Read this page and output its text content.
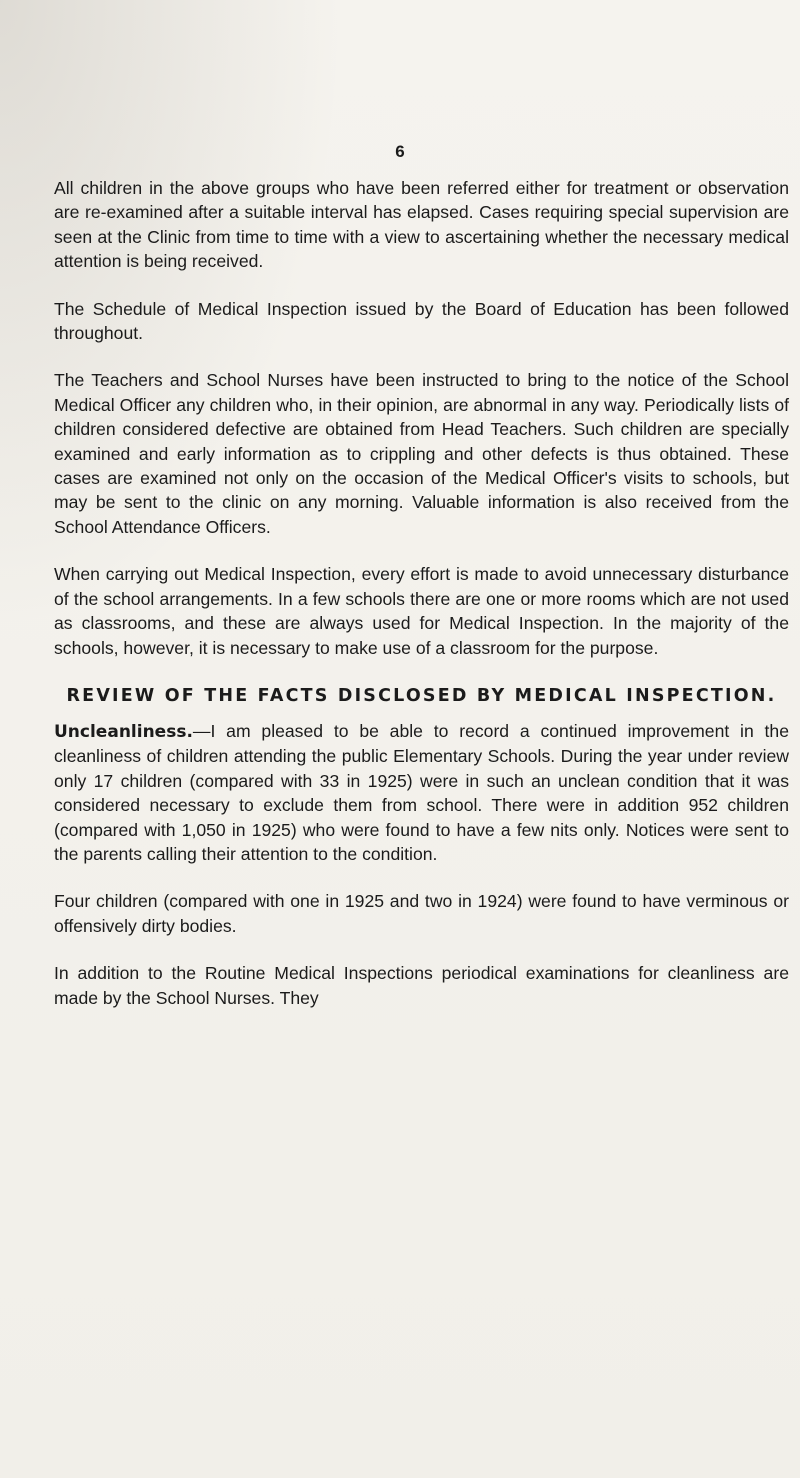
6

All children in the above groups who have been referred either for treatment or observation are re-examined after a suitable interval has elapsed. Cases requiring special supervision are seen at the Clinic from time to time with a view to ascertaining whether the necessary medical attention is being received.

The Schedule of Medical Inspection issued by the Board of Education has been followed throughout.

The Teachers and School Nurses have been instructed to bring to the notice of the School Medical Officer any children who, in their opinion, are abnormal in any way. Periodically lists of children considered defective are obtained from Head Teachers. Such children are specially examined and early information as to crippling and other defects is thus obtained. These cases are examined not only on the occasion of the Medical Officer's visits to schools, but may be sent to the clinic on any morning. Valuable information is also received from the School Attendance Officers.

When carrying out Medical Inspection, every effort is made to avoid unnecessary disturbance of the school arrangements. In a few schools there are one or more rooms which are not used as classrooms, and these are always used for Medical Inspection. In the majority of the schools, however, it is necessary to make use of a classroom for the purpose.

REVIEW OF THE FACTS DISCLOSED BY MEDICAL INSPECTION.

Uncleanliness.—I am pleased to be able to record a continued improvement in the cleanliness of children attending the public Elementary Schools. During the year under review only 17 children (compared with 33 in 1925) were in such an unclean condition that it was considered necessary to exclude them from school. There were in addition 952 children (compared with 1,050 in 1925) who were found to have a few nits only. Notices were sent to the parents calling their attention to the condition.

Four children (compared with one in 1925 and two in 1924) were found to have verminous or offensively dirty bodies.

In addition to the Routine Medical Inspections periodical examinations for cleanliness are made by the School Nurses. They
